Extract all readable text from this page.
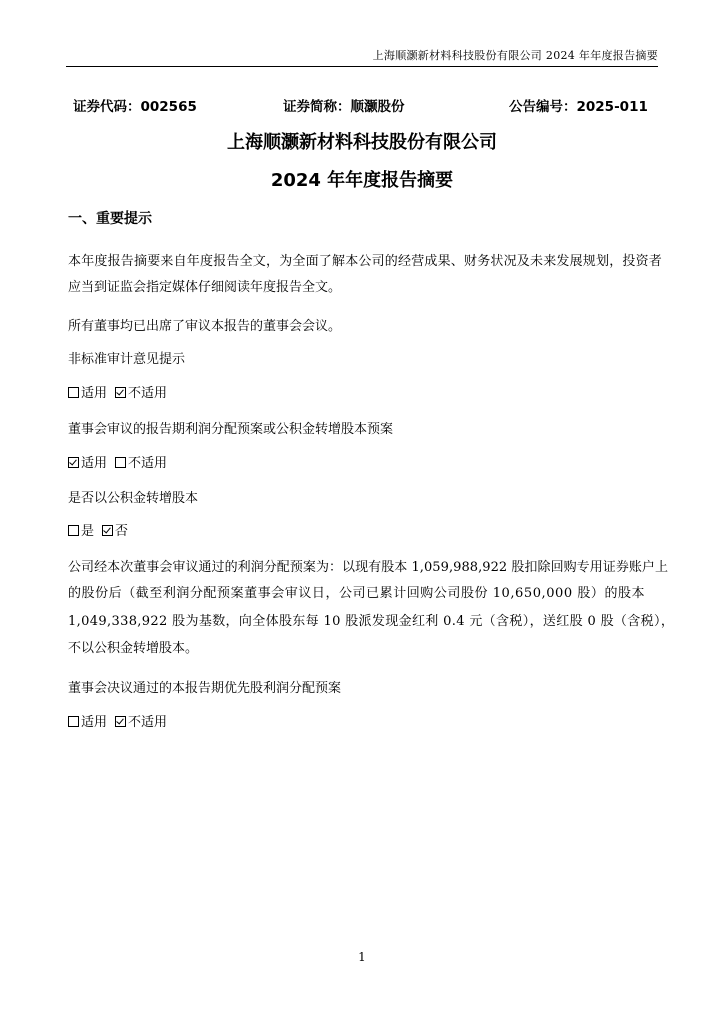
上海顺灏新材料科技股份有限公司 2024 年年度报告摘要
证券代码：002565	证券简称：顺灏股份	公告编号：2025-011
上海顺灏新材料科技股份有限公司
2024 年年度报告摘要
一、重要提示
本年度报告摘要来自年度报告全文，为全面了解本公司的经营成果、财务状况及未来发展规划，投资者
应当到证监会指定媒体仔细阅读年度报告全文。
所有董事均已出席了审议本报告的董事会会议。
非标准审计意见提示
适用 不适用
董事会审议的报告期利润分配预案或公积金转增股本预案
适用 不适用
是否以公积金转增股本
是 否
公司经本次董事会审议通过的利润分配预案为：以现有股本 1,059,988,922 股扣除回购专用证券账户上
的股份后（截至利润分配预案董事会审议日，公司已累计回购公司股份 10,650,000 股）的股本
1,049,338,922 股为基数，向全体股东每 10 股派发现金红利 0.4 元（含税），送红股 0 股（含税），
不以公积金转增股本。
董事会决议通过的本报告期优先股利润分配预案
适用 不适用
1
